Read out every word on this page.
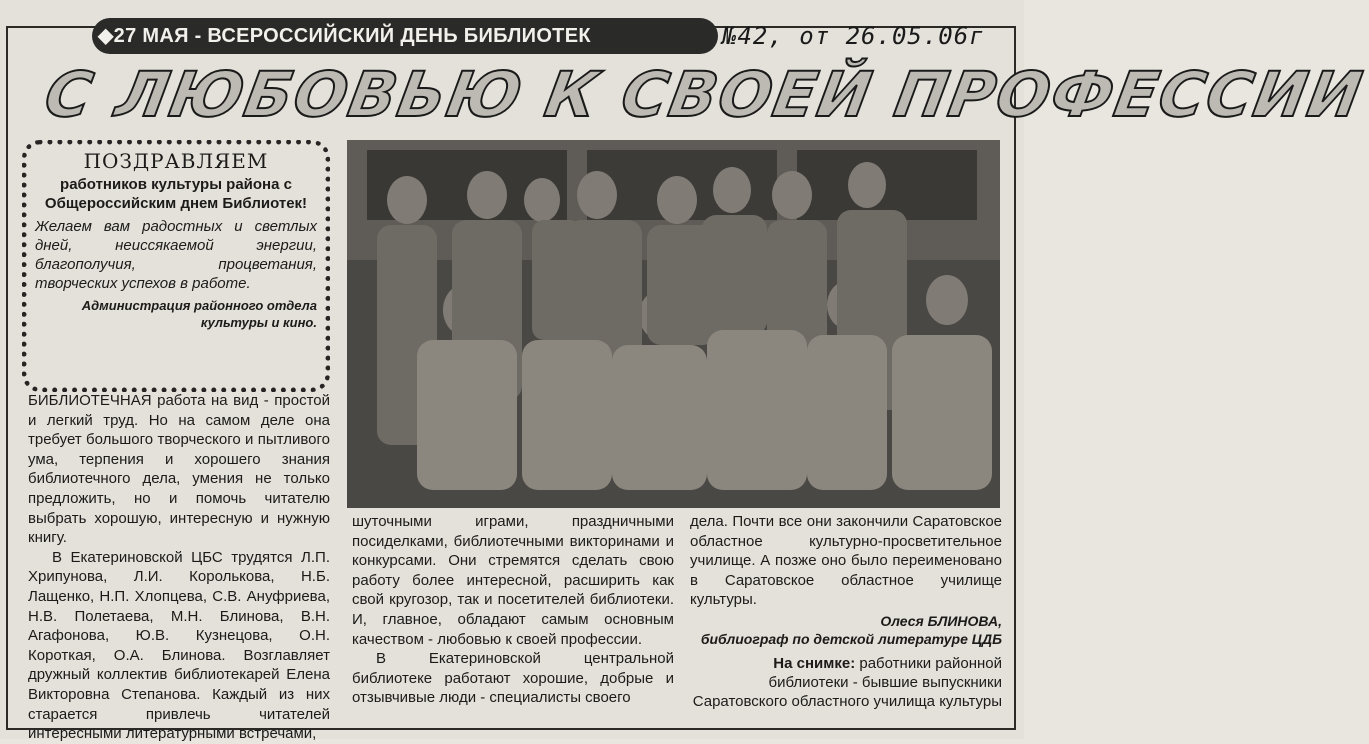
◆27 МАЯ - ВСЕРОССИЙСКИЙ ДЕНЬ БИБЛИОТЕК	№42, от 26.05.06г
С ЛЮБОВЬЮ К СВОЕЙ ПРОФЕССИИ
ПОЗДРАВЛЯЕМ
работников культуры района с Общероссийским днем Библиотек!
Желаем вам радостных и светлых дней, неиссякаемой энергии, благополучия, процветания, творческих успехов в работе.
Администрация районного отдела культуры и кино.

БИБЛИОТЕЧНАЯ работа на вид - простой и легкий труд. Но на самом деле она требует большого творческого и пытливого ума, терпения и хорошего знания библиотечного дела, умения не только предложить, но и помочь читателю выбрать хорошую, интересную и нужную книгу.

В Екатериновской ЦБС трудятся Л.П. Хрипунова, Л.И. Королькова, Н.Б. Лащенко, Н.П. Хлопцева, С.В. Ануфриева, Н.В. Полетаева, М.Н. Блинова, В.Н. Агафонова, Ю.В. Кузнецова, О.Н. Короткая, О.А. Блинова. Возглавляет дружный коллектив библиотекарей Елена Викторовна Степанова. Каждый из них старается привлечь читателей интересными литературными встречами,

шуточными играми, праздничными посиделками, библиотечными викторинами и конкурсами. Они стремятся сделать свою работу более интересной, расширить как свой кругозор, так и посетителей библиотеки. И, главное, обладают самым основным качеством - любовью к своей профессии.

В Екатериновской центральной библиотеке работают хорошие, добрые и отзывчивые люди - специалисты своего

дела. Почти все они закончили Саратовское областное культурно-просветительное училище. А позже оно было переименовано в Саратовское областное училище культуры.

Олеся БЛИНОВА,
библиограф по детской литературе ЦДБ
На снимке: работники районной библиотеки - бывшие выпускники Саратовского областного училища культуры
